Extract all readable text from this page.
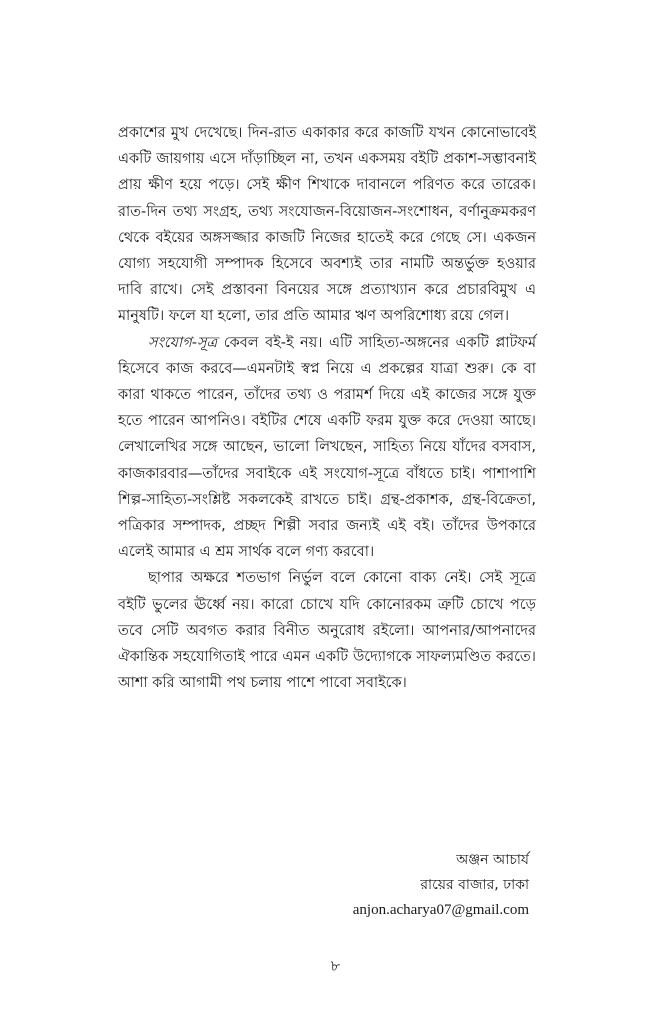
প্রকাশের মুখ দেখেছে। দিন-রাত একাকার করে কাজটি যখন কোনোভাবেই একটি জায়গায় এসে দাঁড়াচ্ছিল না, তখন একসময় বইটি প্রকাশ-সম্ভাবনাই প্রায় ক্ষীণ হয়ে পড়ে। সেই ক্ষীণ শিখাকে দাবানলে পরিণত করে তারেক। রাত-দিন তথ্য সংগ্রহ, তথ্য সংযোজন-বিয়োজন-সংশোধন, বর্ণানুক্রমকরণ থেকে বইয়ের অঙ্গসজ্জার কাজটি নিজের হাতেই করে গেছে সে। একজন যোগ্য সহযোগী সম্পাদক হিসেবে অবশ্যই তার নামটি অন্তর্ভুক্ত হওয়ার দাবি রাখে। সেই প্রস্তাবনা বিনয়ের সঙ্গে প্রত্যাখ্যান করে প্রচারবিমুখ এ মানুষটি। ফলে যা হলো, তার প্রতি আমার ঋণ অপরিশোধ্য রয়ে গেল।

সংযোগ-সূত্র কেবল বই-ই নয়। এটি সাহিত্য-অঙ্গনের একটি প্লাটফর্ম হিসেবে কাজ করবে—এমনটাই স্বপ্ন নিয়ে এ প্রকল্পের যাত্রা শুরু। কে বা কারা থাকতে পারেন, তাঁদের তথ্য ও পরামর্শ দিয়ে এই কাজের সঙ্গে যুক্ত হতে পারেন আপনিও। বইটির শেষে একটি ফরম যুক্ত করে দেওয়া আছে। লেখালেখির সঙ্গে আছেন, ভালো লিখছেন, সাহিত্য নিয়ে যাঁদের বসবাস, কাজকারবার—তাঁদের সবাইকে এই সংযোগ-সূত্রে বাঁধতে চাই। পাশাপাশি শিল্প-সাহিত্য-সংশ্লিষ্ট সকলকেই রাখতে চাই। গ্রন্থ-প্রকাশক, গ্রন্থ-বিক্রেতা, পত্রিকার সম্পাদক, প্রচ্ছদ শিল্পী সবার জন্যই এই বই। তাঁদের উপকারে এলেই আমার এ শ্রম সার্থক বলে গণ্য করবো।

ছাপার অক্ষরে শতভাগ নির্ভুল বলে কোনো বাক্য নেই। সেই সূত্রে বইটি ভুলের ঊর্ধ্বে নয়। কারো চোখে যদি কোনোরকম ত্রুটি চোখে পড়ে তবে সেটি অবগত করার বিনীত অনুরোধ রইলো। আপনার/আপনাদের ঐকান্তিক সহযোগিতাই পারে এমন একটি উদ্যোগকে সাফল্যমণ্ডিত করতে। আশা করি আগামী পথ চলায় পাশে পাবো সবাইকে।

অঞ্জন আচার্য
রায়ের বাজার, ঢাকা
anjon.acharya07@gmail.com
৮
